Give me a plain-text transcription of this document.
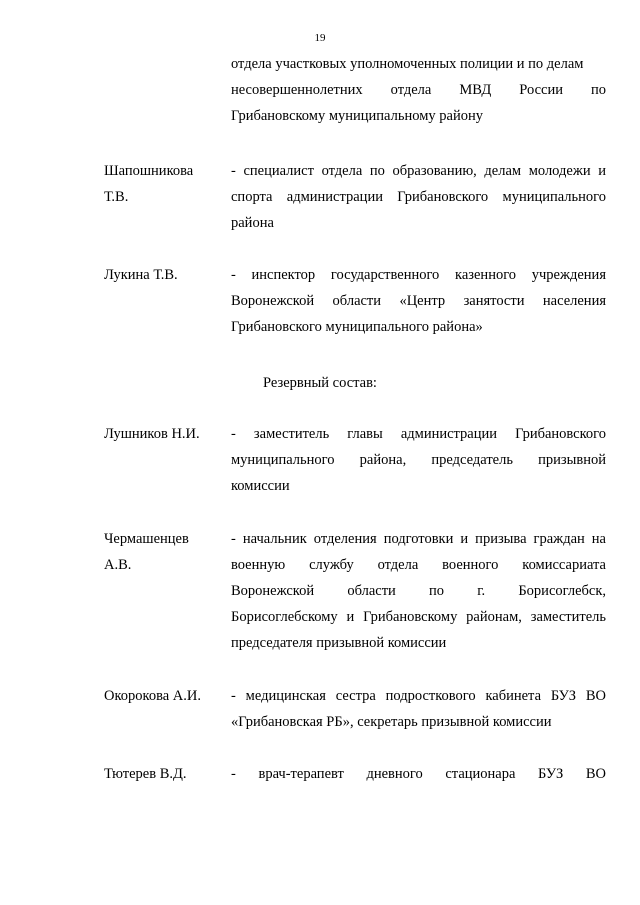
19
отдела участковых уполномоченных полиции и по делам
несовершеннолетних отдела МВД России по
Грибановскому муниципальному району
Шапошникова
Т.В.
- специалист отдела по образованию, делам молодежи и
спорта администрации Грибановского муниципального
района
Лукина Т.В.	- инспектор государственного казенного учреждения
Воронежской области «Центр занятости населения
Грибановского муниципального района»
Резервный состав:
Лушников Н.И. - заместитель главы администрации Грибановского
муниципального района, председатель призывной
комиссии
Чермашенцев
А.В.
- начальник отделения подготовки и призыва граждан на
военную службу отдела военного комиссариата
Воронежской области по г. Борисоглебск,
Борисоглебскому и Грибановскому районам, заместитель
председателя призывной комиссии
Окорокова А.И. - медицинская сестра подросткового кабинета БУЗ ВО
«Грибановская РБ», секретарь призывной комиссии
Тютерев В.Д.	- врач-терапевт дневного стационара БУЗ ВО
